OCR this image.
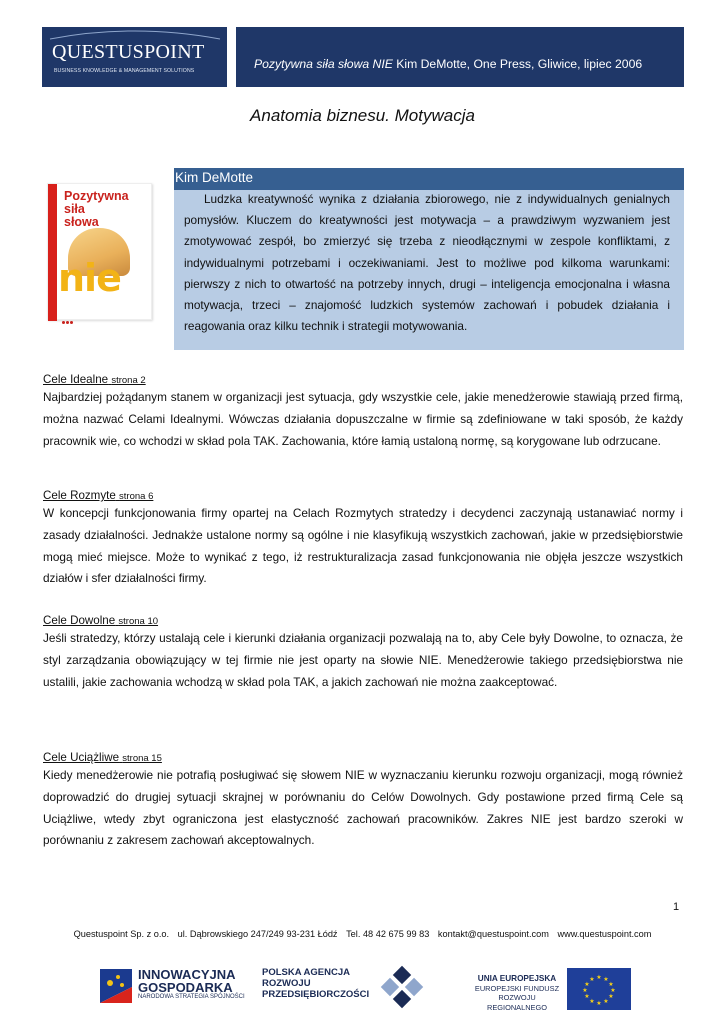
QUESTUSPOINT
BUSINESS KNOWLEDGE & MANAGEMENT SOLUTIONS	Pozytywna siła słowa NIE Kim DeMotte, One Press, Gliwice, lipiec 2006
Anatomia biznesu. Motywacja
Pozytywna
siła
słowa
nie
Kim DeMotte
Ludzka kreatywność wynika z działania zbiorowego, nie z indywidualnych genialnych pomysłów. Kluczem do kreatywności jest motywacja – a prawdziwym wyzwaniem jest zmotywować zespół, bo zmierzyć się trzeba z nieodłącznymi w zespole konfliktami, z indywidualnymi potrzebami i oczekiwaniami. Jest to możliwe pod kilkoma warunkami: pierwszy z nich to otwartość na potrzeby innych, drugi – inteligencja emocjonalna i własna motywacja, trzeci – znajomość ludzkich systemów zachowań i pobudek działania i reagowania oraz kilku technik i strategii motywowania.
Cele Idealne strona 2
Najbardziej pożądanym stanem w organizacji jest sytuacja, gdy wszystkie cele, jakie menedżerowie stawiają przed firmą, można nazwać Celami Idealnymi. Wówczas działania dopuszczalne w firmie są zdefiniowane w taki sposób, że każdy pracownik wie, co wchodzi w skład pola TAK. Zachowania, które łamią ustaloną normę, są korygowane lub odrzucane.
Cele Rozmyte strona 6
W koncepcji funkcjonowania firmy opartej na Celach Rozmytych stratedzy i decydenci zaczynają ustanawiać normy i zasady działalności. Jednakże ustalone normy są ogólne i nie klasyfikują wszystkich zachowań, jakie w przedsiębiorstwie mogą mieć miejsce. Może to wynikać z tego, iż restrukturalizacja zasad funkcjonowania nie objęła jeszcze wszystkich działów i sfer działalności firmy.
Cele Dowolne strona 10
Jeśli stratedzy, którzy ustalają cele i kierunki działania organizacji pozwalają na to, aby Cele były Dowolne, to oznacza, że styl zarządzania obowiązujący w tej firmie nie jest oparty na słowie NIE. Menedżerowie takiego przedsiębiorstwa nie ustalili, jakie zachowania wchodzą w skład pola TAK, a jakich zachowań nie można zaakceptować.
Cele Uciążliwe strona 15
Kiedy menedżerowie nie potrafią posługiwać się słowem NIE w wyznaczaniu kierunku rozwoju organizacji, mogą również doprowadzić do drugiej sytuacji skrajnej w porównaniu do Celów Dowolnych. Gdy postawione przed firmą Cele są Uciążliwe, wtedy zbyt ograniczona jest elastyczność zachowań pracowników. Zakres NIE jest bardzo szeroki w porównaniu z zakresem zachowań akceptowalnych.
1
Questuspoint Sp. z o.o. ul. Dąbrowskiego 247/249 93-231 Łódź Tel. 48 42 675 99 83 kontakt@questuspoint.com www.questuspoint.com
INNOWACYJNA
GOSPODARKA
NARODOWA STRATEGIA SPÓJNOŚCI
POLSKA AGENCJA
ROZWOJU
PRZEDSIĘBIORCZOŚCI
UNIA EUROPEJSKA
EUROPEJSKI FUNDUSZ
ROZWOJU REGIONALNEGO
★ ★
★
★
★
★
★
★
★
★
★
★
